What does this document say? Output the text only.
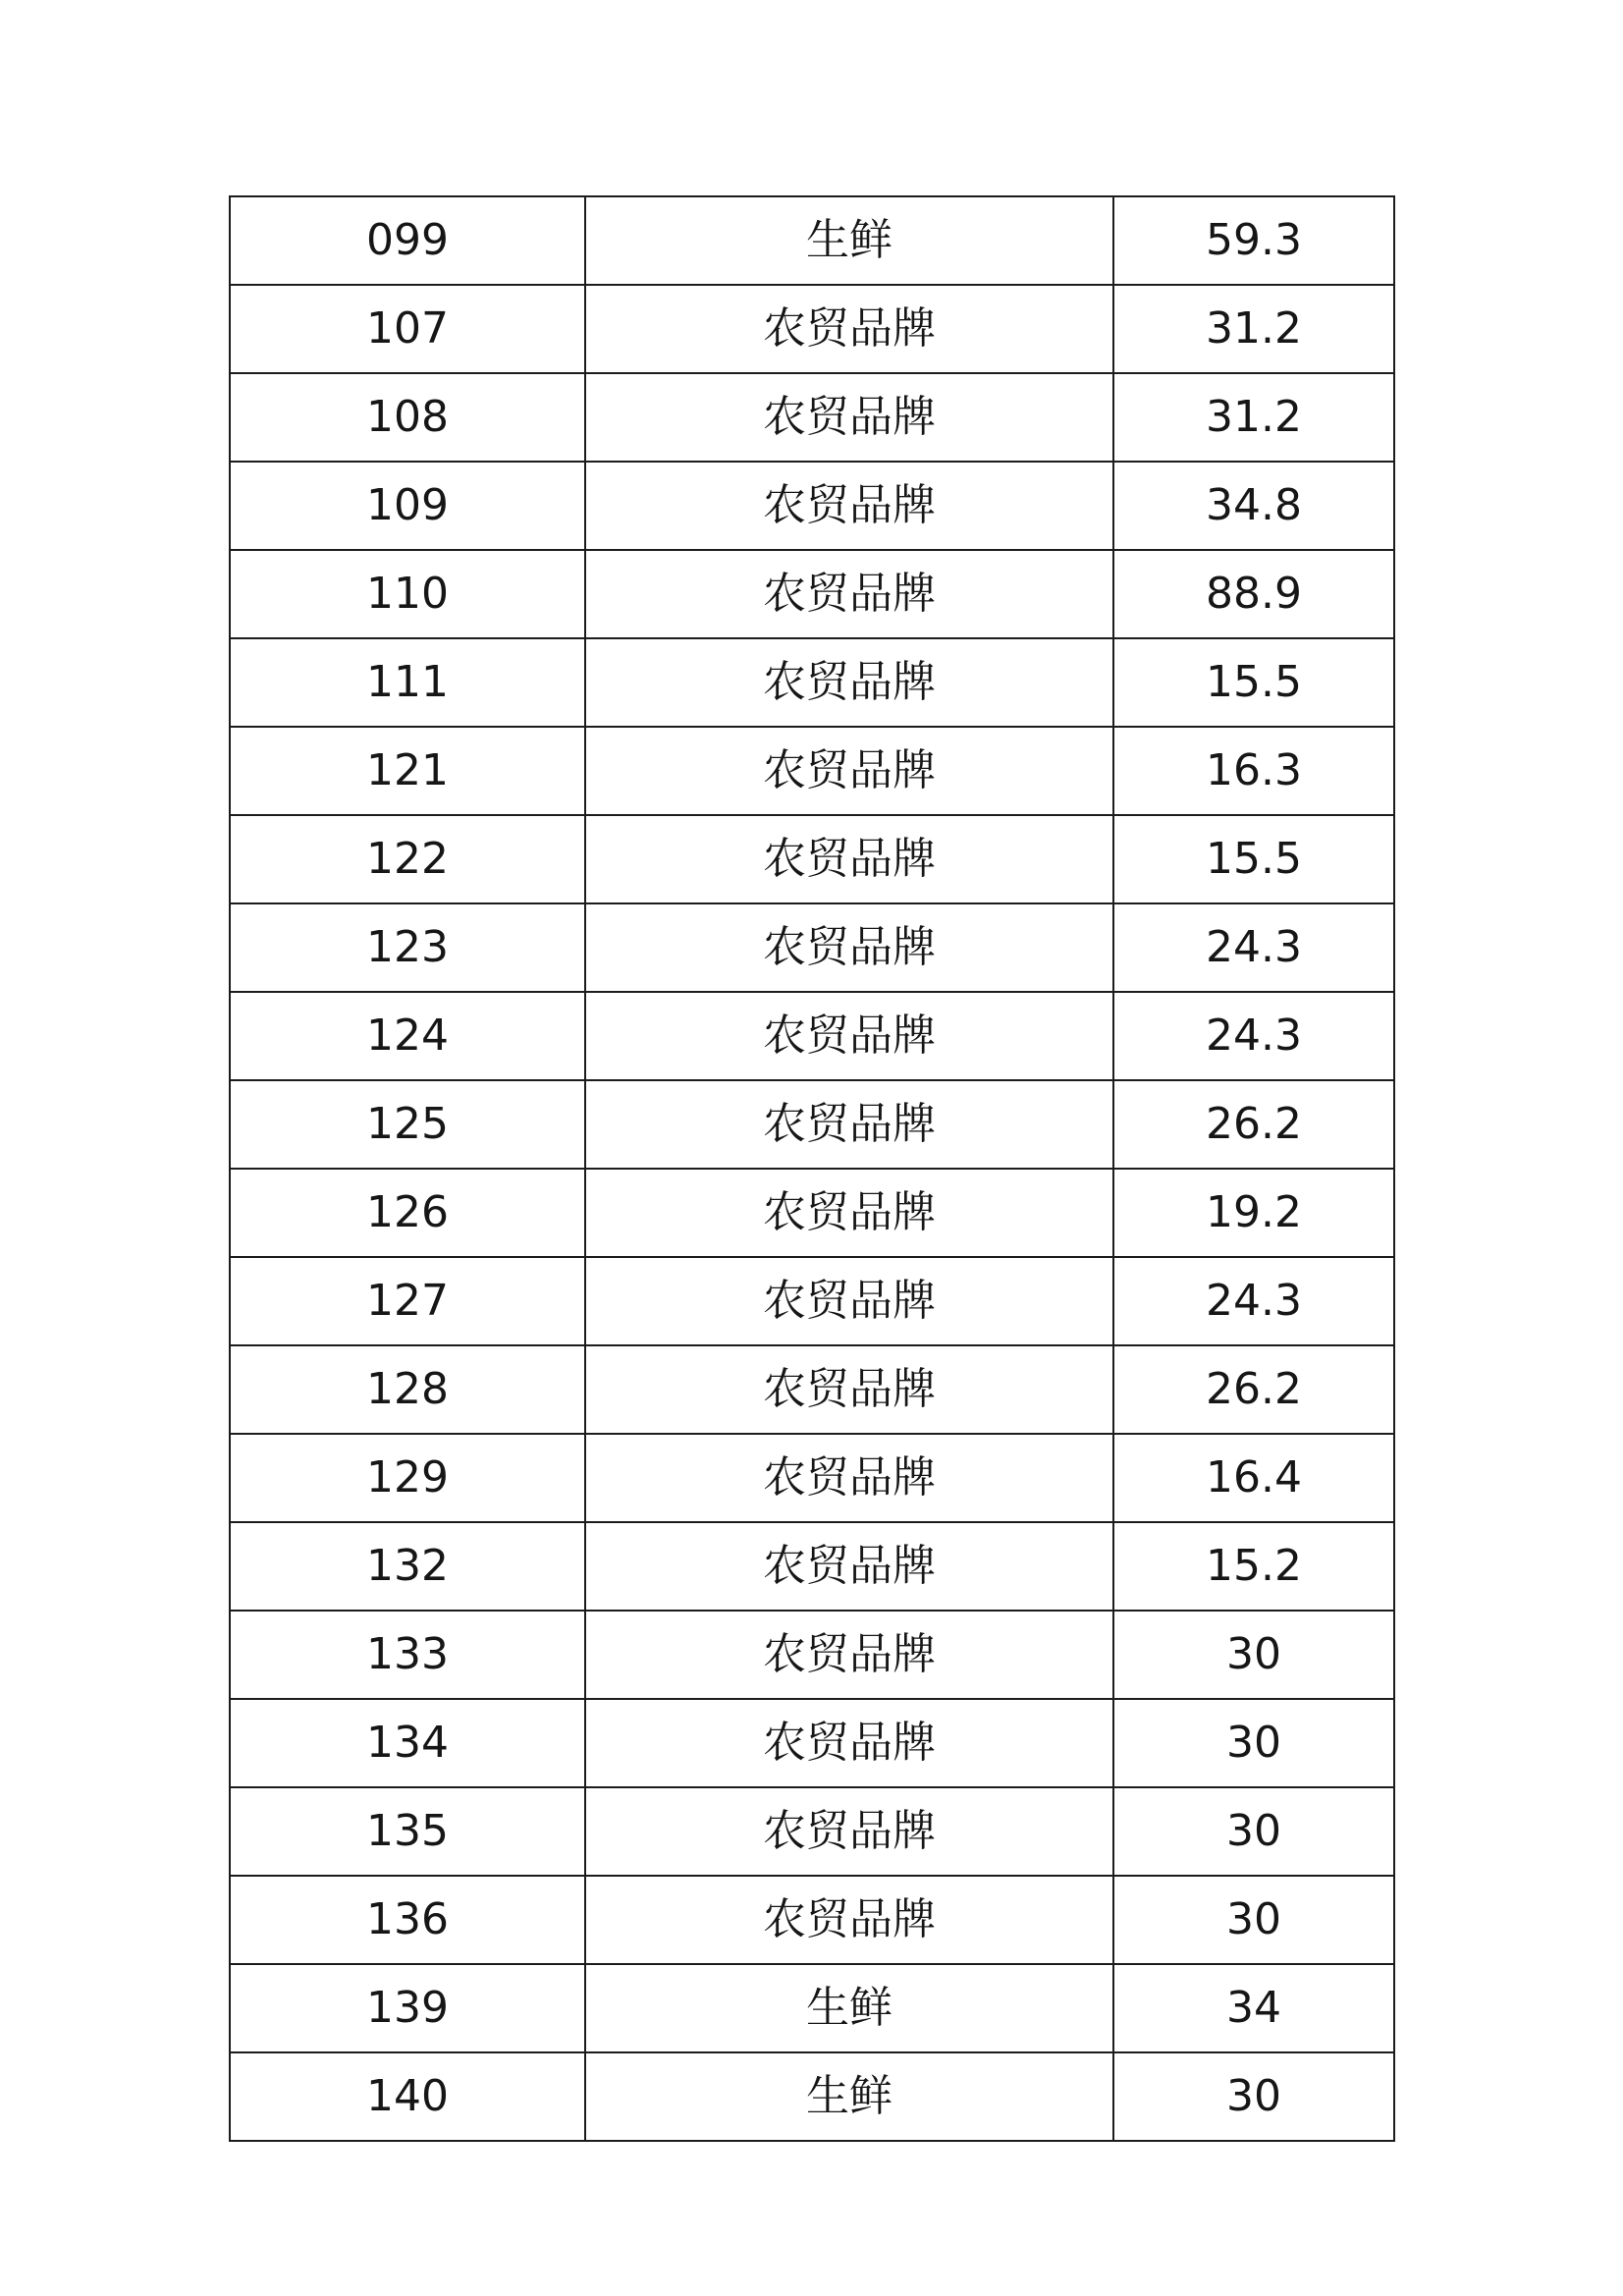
099	生鲜	59.3
107	农贸品牌	31.2
108	农贸品牌	31.2
109	农贸品牌	34.8
110	农贸品牌	88.9
111	农贸品牌	15.5
121	农贸品牌	16.3
122	农贸品牌	15.5
123	农贸品牌	24.3
124	农贸品牌	24.3
125	农贸品牌	26.2
126	农贸品牌	19.2
127	农贸品牌	24.3
128	农贸品牌	26.2
129	农贸品牌	16.4
132	农贸品牌	15.2
133	农贸品牌	30
134	农贸品牌	30
135	农贸品牌	30
136	农贸品牌	30
139	生鲜	34
140	生鲜	30
